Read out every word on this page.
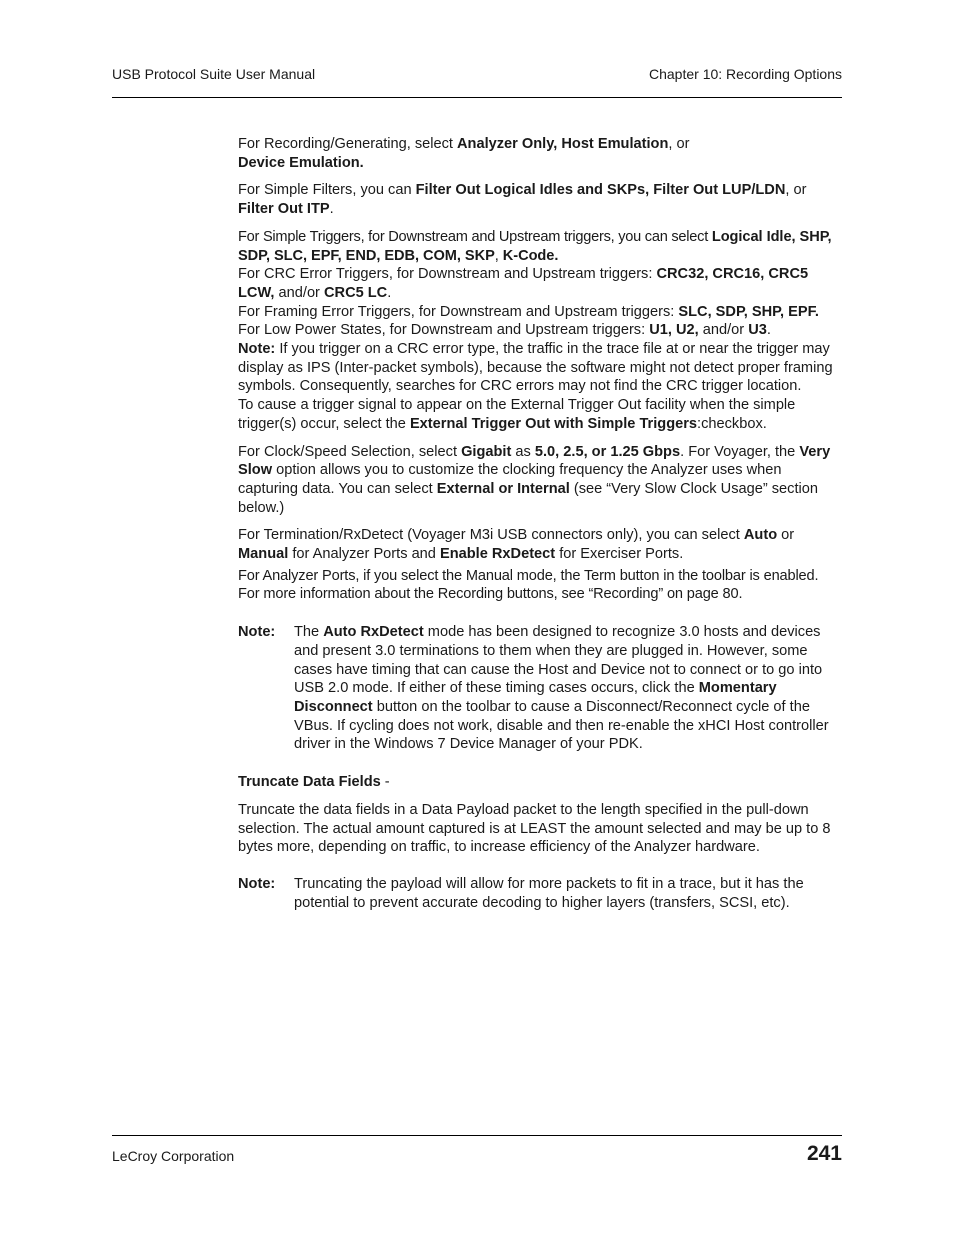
USB Protocol Suite User Manual	Chapter 10: Recording Options

For Recording/Generating, select Analyzer Only, Host Emulation, or
Device Emulation.

For Simple Filters, you can Filter Out Logical Idles and SKPs, Filter Out LUP/LDN, or
Filter Out ITP.

For Simple Triggers, for Downstream and Upstream triggers, you can select Logical Idle, SHP, SDP, SLC, EPF, END, EDB, COM, SKP, K-Code.

For CRC Error Triggers, for Downstream and Upstream triggers: CRC32, CRC16, CRC5 LCW, and/or CRC5 LC.

For Framing Error Triggers, for Downstream and Upstream triggers: SLC, SDP, SHP, EPF.

For Low Power States, for Downstream and Upstream triggers: U1, U2, and/or U3.

Note: If you trigger on a CRC error type, the traffic in the trace file at or near the trigger may display as IPS (Inter-packet symbols), because the software might not detect proper framing symbols. Consequently, searches for CRC errors may not find the CRC trigger location.

To cause a trigger signal to appear on the External Trigger Out facility when the simple trigger(s) occur, select the External Trigger Out with Simple Triggers:checkbox.

For Clock/Speed Selection, select Gigabit as 5.0, 2.5, or 1.25 Gbps. For Voyager, the Very Slow option allows you to customize the clocking frequency the Analyzer uses when capturing data. You can select External or Internal (see “Very Slow Clock Usage” section below.)

For Termination/RxDetect (Voyager M3i USB connectors only), you can select Auto or Manual for Analyzer Ports and Enable RxDetect for Exerciser Ports.

For Analyzer Ports, if you select the Manual mode, the Term button in the toolbar is enabled. For more information about the Recording buttons, see “Recording” on page 80.

Note:	The Auto RxDetect mode has been designed to recognize 3.0 hosts and devices and present 3.0 terminations to them when they are plugged in. However, some cases have timing that can cause the Host and Device not to connect or to go into USB 2.0 mode. If either of these timing cases occurs, click the Momentary Disconnect button on the toolbar to cause a Disconnect/Reconnect cycle of the VBus. If cycling does not work, disable and then re-enable the xHCI Host controller driver in the Windows 7 Device Manager of your PDK.

Truncate Data Fields -

Truncate the data fields in a Data Payload packet to the length specified in the pull-down selection. The actual amount captured is at LEAST the amount selected and may be up to 8 bytes more, depending on traffic, to increase efficiency of the Analyzer hardware.

Note:	Truncating the payload will allow for more packets to fit in a trace, but it has the potential to prevent accurate decoding to higher layers (transfers, SCSI, etc).
LeCroy Corporation	241
